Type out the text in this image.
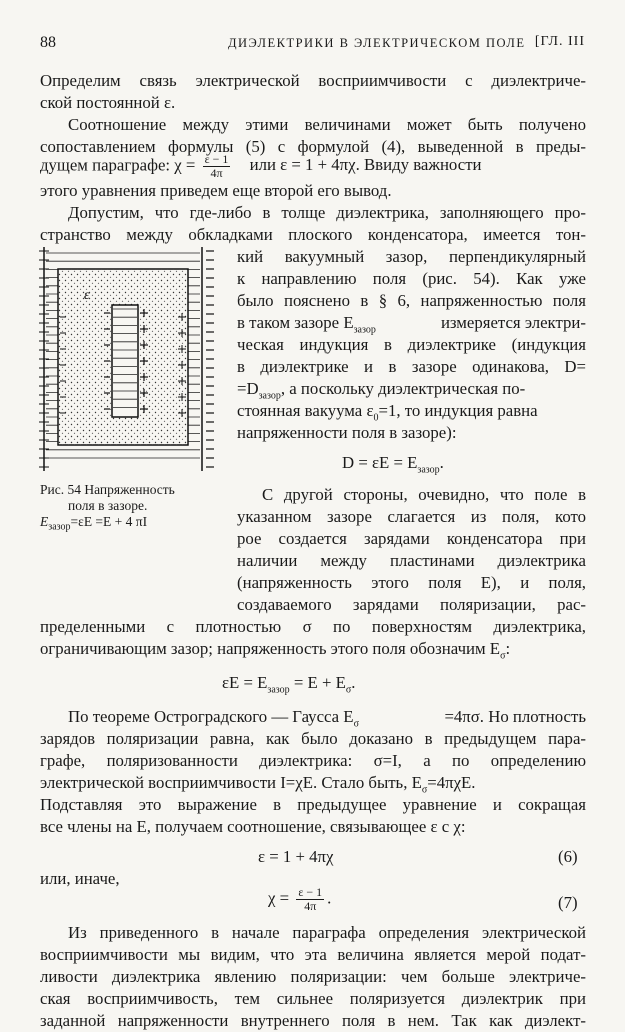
88	ДИЭЛЕКТРИКИ В ЭЛЕКТРИЧЕСКОМ ПОЛЕ [ГЛ. III
Определим связь электрической восприимчивости с диэлектриче-
ской постоянной ε.
Соотношение между этими величинами может быть получено
сопоставлением формулы (5) с формулой (4), выведенной в преды-
дущем параграфе: $\chi = \frac{\varepsilon - 1}{4\pi}$ или ε = 1 + 4πχ. Ввиду важности
этого уравнения приведем еще второй его вывод.
Допустим, что где-либо в толще диэлектрика, заполняющего про-
странство между обкладками плоского конденсатора, имеется тон-
кий вакуумный зазор, перпендикулярный
к направлению поля (рис. 54). Как уже
было пояснено в § 6, напряженностью поля
в таком зазоре $E_{зазор}$	измеряется электри-
ческая индукция в диэлектрике (индукция
в диэлектрике и в зазоре одинакова, D=
$=D_{зазор}$, а поскольку диэлектрическая по-
стоянная вакуума $\varepsilon_0=1$, то индукция равна
напряженности поля в зазоре):
$D = \varepsilon E = E_{зазор}$.
С другой стороны, очевидно, что поле в
указанном зазоре слагается из поля, кото
рое создается зарядами конденсатора при
наличии между пластинами диэлектрика
(напряженность этого поля E), и поля,
создаваемого зарядами поляризации, рас-
пределенными с плотностью σ по поверхностям диэлектрика,
ограничивающим зазор; напряженность этого поля обозначим $E_\sigma$:
$\varepsilon E = E_{зазор} = E + E_\sigma$.
По теореме Остроградского — Гаусса $E_\sigma$	=4πσ. Но плотность
зарядов поляризации равна, как было доказано в предыдущем пара-
графе, поляризованности диэлектрика: σ=I, а по определению
электрической восприимчивости I=χE. Стало быть, $E_\sigma=4\pi\chi E$.
Подставляя это выражение в предыдущее уравнение и сокращая
все члены на E, получаем соотношение, связывающее ε с χ:
ε = 1 + 4πχ	(6)
или, иначе,
$\chi = \frac{\varepsilon - 1}{4\pi}$ .	(7)
Из приведенного в начале параграфа определения электрической
восприимчивости мы видим, что эта величина является мерой подат-
ливости диэлектрика явлению поляризации: чем больше электриче-
ская восприимчивость, тем сильнее поляризуется диэлектрик при
заданной напряженности внутреннего поля в нем. Так как диэлект-
ε
Рис. 54 Напряженность
поля в зазоре.
$E_{зазор}=\varepsilon E =E + 4$ πI
